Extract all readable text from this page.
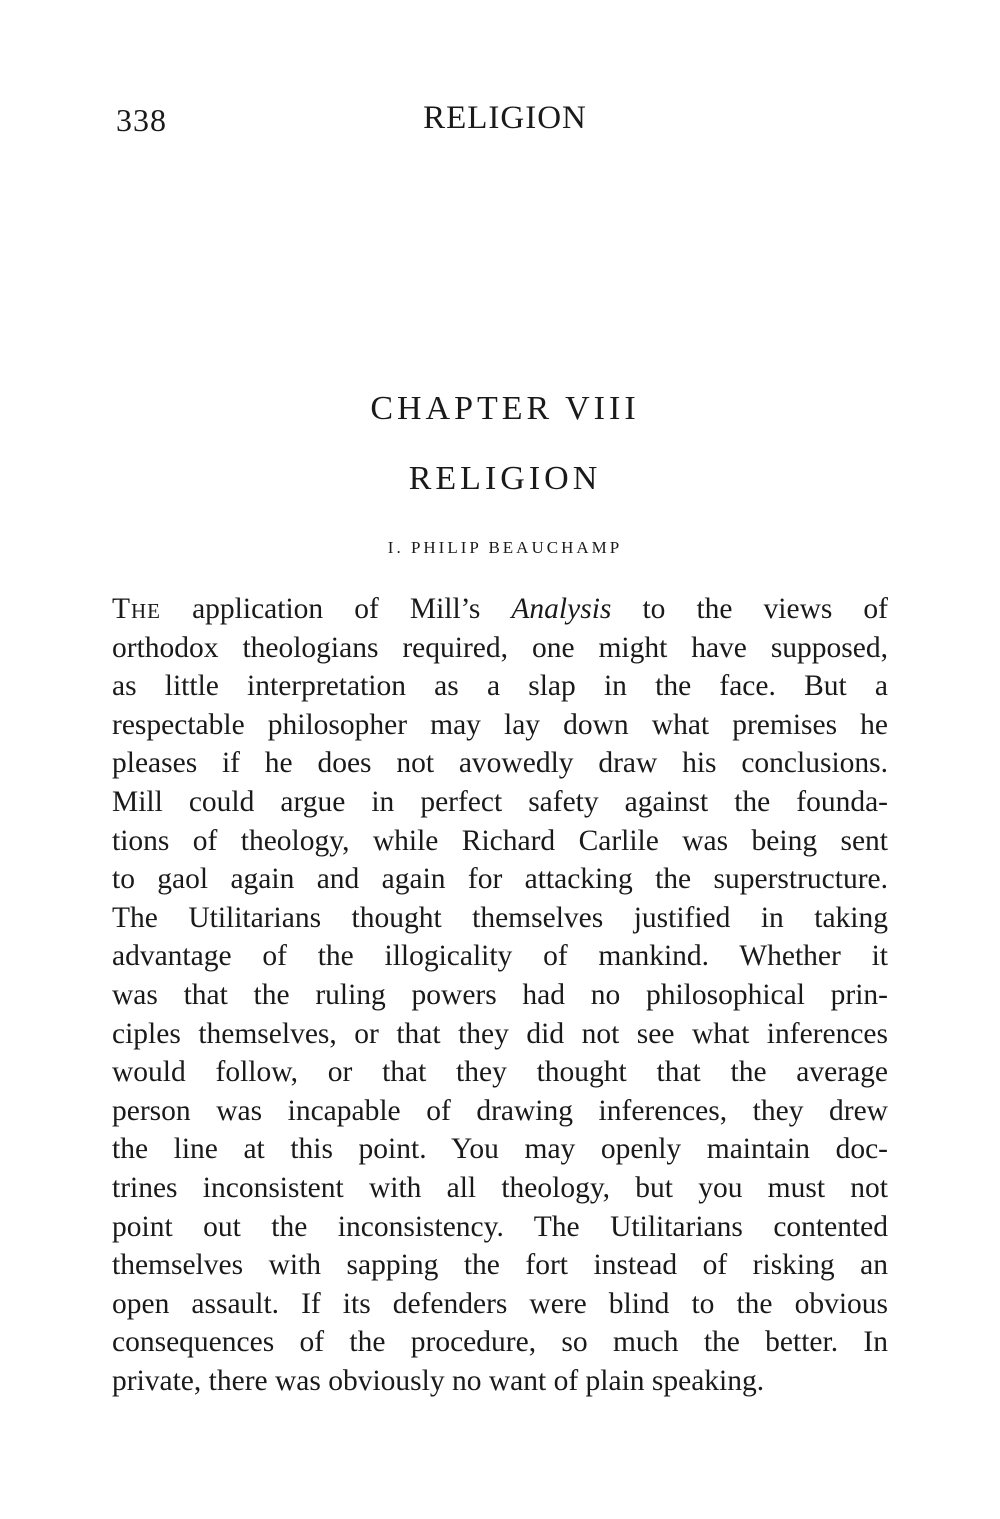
338	RELIGION
CHAPTER VIII
RELIGION
I. PHILIP BEAUCHAMP
The application of Mill’s Analysis to the views of
orthodox theologians required, one might have supposed,
as little interpretation as a slap in the face. But a
respectable philosopher may lay down what premises he
pleases if he does not avowedly draw his conclusions.
Mill could argue in perfect safety against the founda-
tions of theology, while Richard Carlile was being sent
to gaol again and again for attacking the superstructure.
The Utilitarians thought themselves justified in taking
advantage of the illogicality of mankind. Whether it
was that the ruling powers had no philosophical prin-
ciples themselves, or that they did not see what inferences
would follow, or that they thought that the average
person was incapable of drawing inferences, they drew
the line at this point. You may openly maintain doc-
trines inconsistent with all theology, but you must not
point out the inconsistency. The Utilitarians contented
themselves with sapping the fort instead of risking an
open assault. If its defenders were blind to the obvious
consequences of the procedure, so much the better. In
private, there was obviously no want of plain speaking.
